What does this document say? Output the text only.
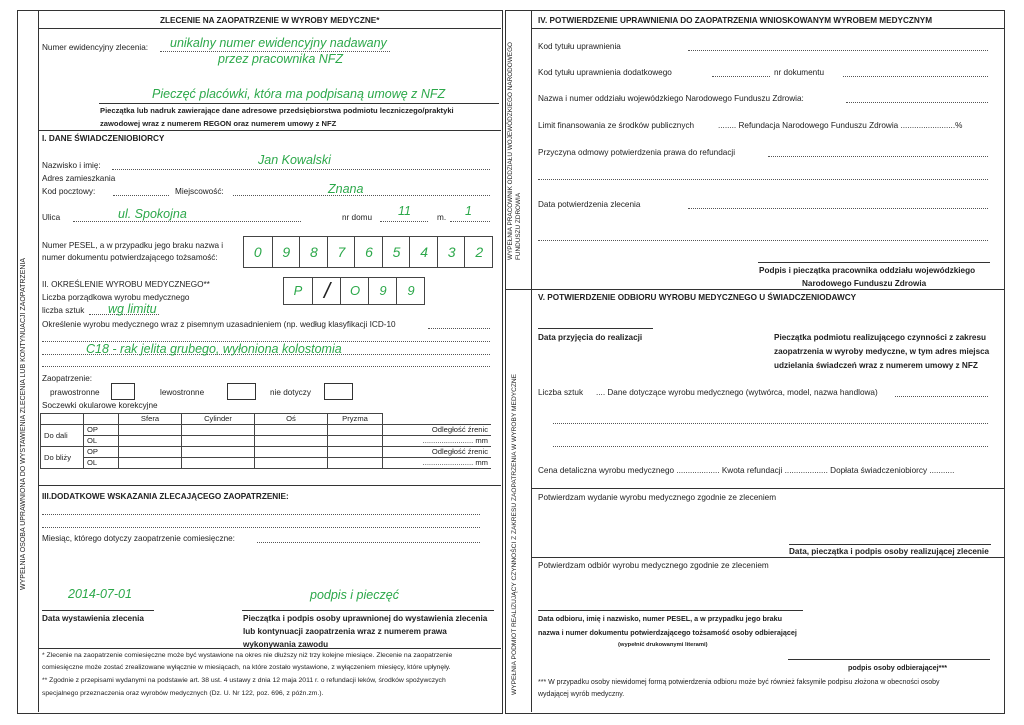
WYPEŁNIA OSOBA UPRAWNIONA DO WYSTAWIENIA ZLECENIA LUB KONTYNUACJI ZAOPATRZENIA
WYPEŁNIA PRACOWNIK ODDZIAŁU WOJEWÓDZKIEGO NARODOWEGO FUNDUSZU ZDROWIA
WYPEŁNIA PODMIOT REALIZUJĄCY CZYNNOŚCI Z ZAKRESU ZAOPATRZENIA W WYROBY MEDYCZNE
ZLECENIE NA ZAOPATRZENIE W WYROBY MEDYCZNE*
Numer ewidencyjny zlecenia: unikalny numer ewidencyjny nadawany
przez pracownika NFZ
Pieczęć placówki, która ma podpisaną umowę z NFZ
Pieczątka lub nadruk zawierające dane adresowe przedsiębiorstwa podmiotu leczniczego/praktyki
zawodowej wraz z numerem REGON oraz numerem umowy z NFZ
I. DANE ŚWIADCZENIOBIORCY
Nazwisko i imię:	Jan Kowalski
Adres zamieszkania
Kod pocztowy:	Miejscowość:	Znana
Ulica	ul. Spokojna	nr domu 11	m. 1
Numer PESEL, a w przypadku jego braku nazwa i
numer dokumentu potwierdzającego tożsamość:	0	9	8	7	6	5	4	3	2
II. OKREŚLENIE WYROBU MEDYCZNEGO**
Liczba porządkowa wyrobu medycznego	P /	O	9	9
liczba sztuk wg limitu
Określenie wyrobu medycznego wraz z pisemnym uzasadnieniem (np. według klasyfikacji ICD-10
C18 - rak jelita grubego, wyłoniona kolostomia
Zaopatrzenie:
prawostronne	lewostronne	nie dotyczy
Soczewki okularowe korekcyjne
		Sfera	Cylinder	Oś	Pryzma	
Do dali	OP					Odległość źrenic
	OL					........................ mm
Do bliży	OP					Odległość źrenic
	OL					........................ mm
III.DODATKOWE WSKAZANIA ZLECAJĄCEGO ZAOPATRZENIE:
Miesiąc, którego dotyczy zaopatrzenie comiesięczne:
2014-07-01	podpis i pieczęć
Data wystawienia zlecenia	Pieczątka i podpis osoby uprawnionej do wystawienia zlecenia
lub kontynuacji zaopatrzenia wraz z numerem prawa
wykonywania zawodu
* Zlecenie na zaopatrzenie comiesięczne może być wystawione na okres nie dłuższy niż trzy kolejne miesiące. Zlecenie na zaopatrzenie
comiesięczne może zostać zrealizowane wyłącznie w miesiącach, na które zostało wystawione, z wyłączeniem miesięcy, które upłynęły.
** Zgodnie z przepisami wydanymi na podstawie art. 38 ust. 4 ustawy z dnia 12 maja 2011 r. o refundacji leków, środków spożywczych
specjalnego przeznaczenia oraz wyrobów medycznych (Dz. U. Nr 122, poz. 696, z późn.zm.).
IV. POTWIERDZENIE UPRAWNIENIA DO ZAOPATRZENIA WNIOSKOWANYM WYROBEM MEDYCZNYM
Kod tytułu uprawnienia
Kod tytułu uprawnienia dodatkowego	nr dokumentu
Nazwa i numer oddziału wojewódzkiego Narodowego Funduszu Zdrowia:
Limit finansowania ze środków publicznych	........ Refundacja Narodowego Funduszu Zdrowia ........................%
Przyczyna odmowy potwierdzenia prawa do refundacji
Data potwierdzenia zlecenia
Podpis i pieczątka pracownika oddziału wojewódzkiego
Narodowego Funduszu Zdrowia
V. POTWIERDZENIE ODBIORU WYROBU MEDYCZNEGO U ŚWIADCZENIODAWCY
Data przyjęcia do realizacji	Pieczątka podmiotu realizującego czynności z zakresu
zaopatrzenia w wyroby medyczne, w tym adres miejsca
udzielania świadczeń wraz z numerem umowy z NFZ
Liczba sztuk .... Dane dotyczące wyrobu medycznego (wytwórca, model, nazwa handlowa)
Cena detaliczna wyrobu medycznego ................... Kwota refundacji ................... Dopłata świadczeniobiorcy ...........
Potwierdzam wydanie wyrobu medycznego zgodnie ze zleceniem
Data, pieczątka i podpis osoby realizującej zlecenie
Potwierdzam odbiór wyrobu medycznego zgodnie ze zleceniem
Data odbioru, imię i nazwisko, numer PESEL, a w przypadku jego braku
nazwa i numer dokumentu potwierdzającego tożsamość osoby odbierającej
(wypełnić drukowanymi literami)
podpis osoby odbierającej***
*** W przypadku osoby niewidomej formą potwierdzenia odbioru może być również faksymile podpisu złożona w obecności osoby
wydającej wyrób medyczny.
